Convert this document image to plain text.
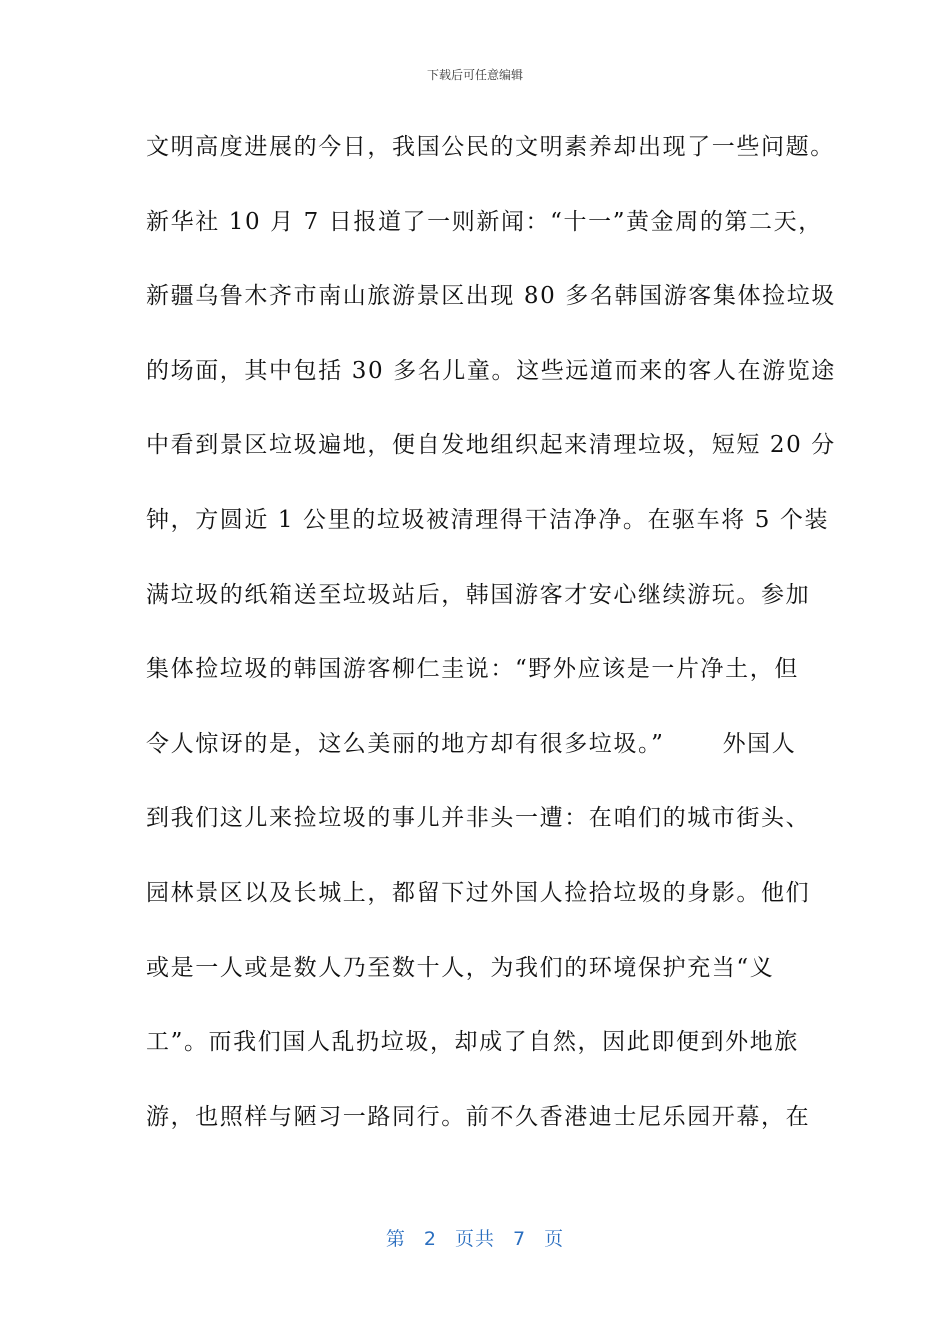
下载后可任意编辑
文明高度进展的今日，我国公民的文明素养却出现了一些问题。
新华社 10 月 7 日报道了一则新闻：“十一”黄金周的第二天，
新疆乌鲁木齐市南山旅游景区出现 80 多名韩国游客集体捡垃圾
的场面，其中包括 30 多名儿童。这些远道而来的客人在游览途
中看到景区垃圾遍地，便自发地组织起来清理垃圾，短短 20 分
钟，方圆近 1 公里的垃圾被清理得干洁净净。在驱车将 5 个装
满垃圾的纸箱送至垃圾站后，韩国游客才安心继续游玩。参加
集体捡垃圾的韩国游客柳仁圭说：“野外应该是一片净土，但
令人惊讶的是，这么美丽的地方却有很多垃圾。”　　 外国人
到我们这儿来捡垃圾的事儿并非头一遭：在咱们的城市街头、
园林景区以及长城上，都留下过外国人捡拾垃圾的身影。他们
或是一人或是数人乃至数十人，为我们的环境保护充当“义
工”。而我们国人乱扔垃圾，却成了自然，因此即便到外地旅
游，也照样与陋习一路同行。前不久香港迪士尼乐园开幕，在
第 2 页共 7 页
